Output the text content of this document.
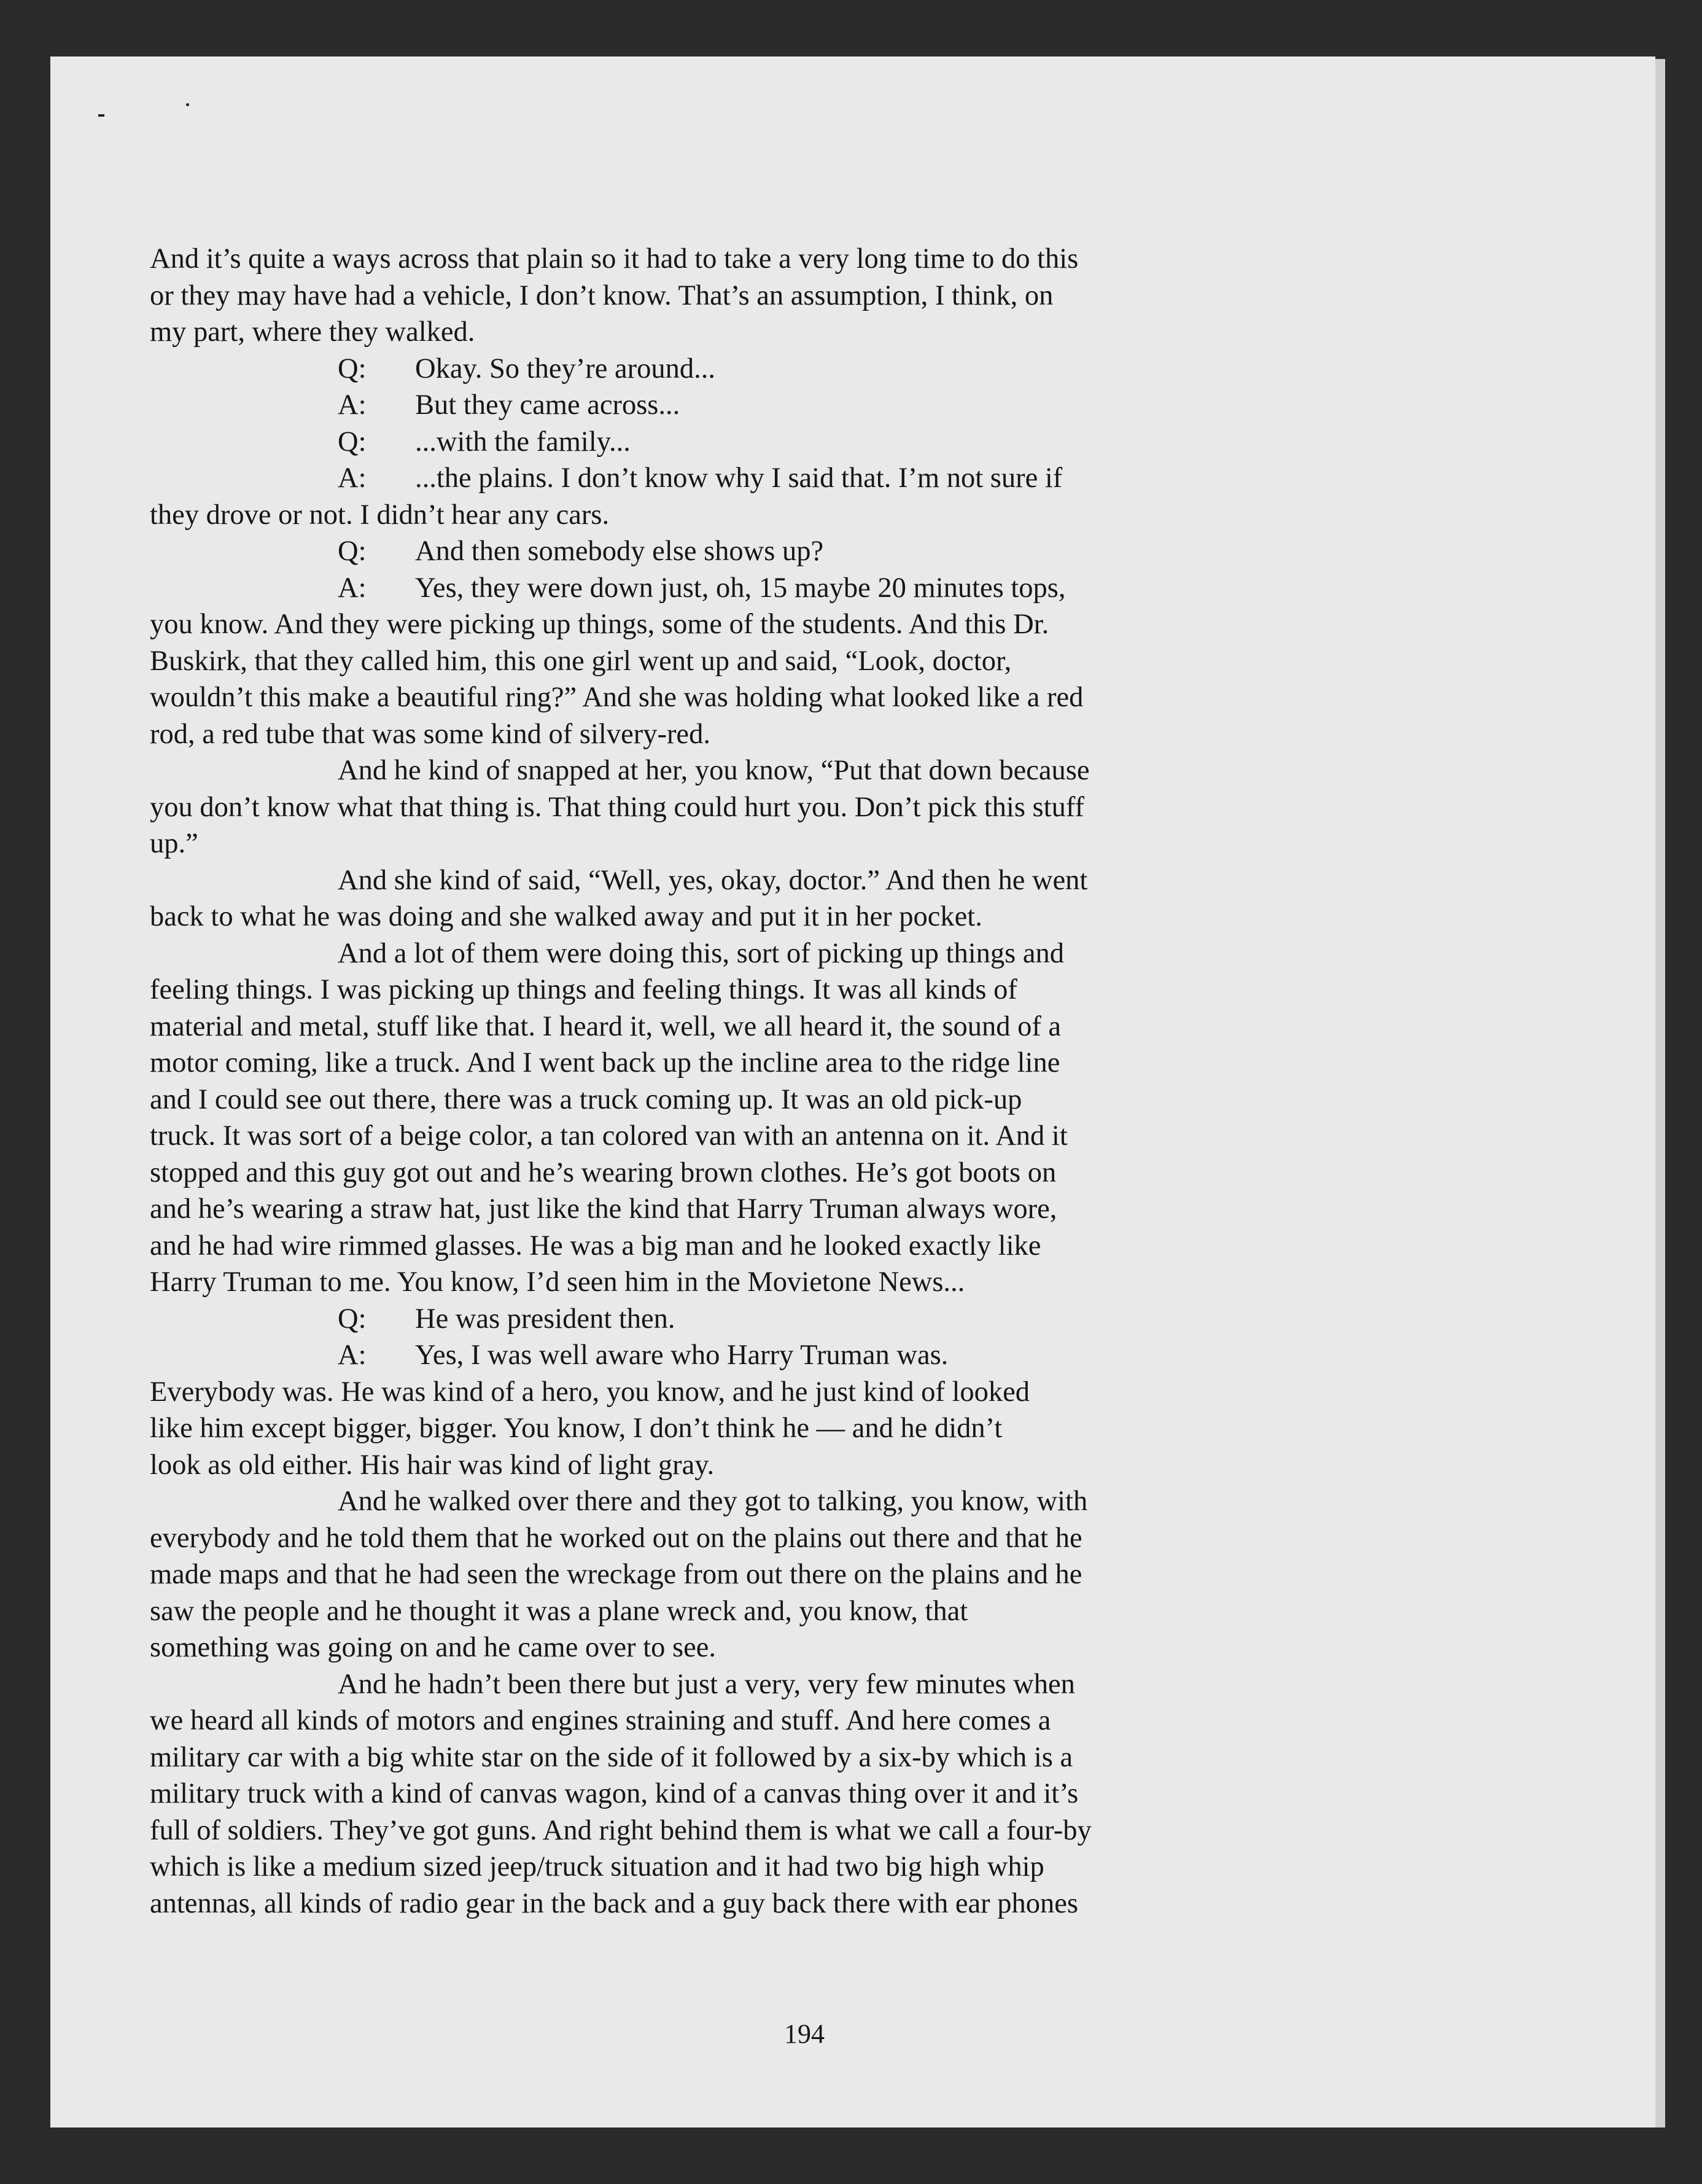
And it’s quite a ways across that plain so it had to take a very long time to do this
or they may have had a vehicle, I don’t know. That’s an assumption, I think, on
my part, where they walked.
Q: Okay. So they’re around...
A: But they came across...
Q: ...with the family...
A: ...the plains. I don’t know why I said that. I’m not sure if
they drove or not. I didn’t hear any cars.
Q: And then somebody else shows up?
A: Yes, they were down just, oh, 15 maybe 20 minutes tops,
you know. And they were picking up things, some of the students. And this Dr.
Buskirk, that they called him, this one girl went up and said, “Look, doctor,
wouldn’t this make a beautiful ring?” And she was holding what looked like a red
rod, a red tube that was some kind of silvery-red.
And he kind of snapped at her, you know, “Put that down because
you don’t know what that thing is. That thing could hurt you. Don’t pick this stuff
up.”
And she kind of said, “Well, yes, okay, doctor.” And then he went
back to what he was doing and she walked away and put it in her pocket.
And a lot of them were doing this, sort of picking up things and
feeling things. I was picking up things and feeling things. It was all kinds of
material and metal, stuff like that. I heard it, well, we all heard it, the sound of a
motor coming, like a truck. And I went back up the incline area to the ridge line
and I could see out there, there was a truck coming up. It was an old pick-up
truck. It was sort of a beige color, a tan colored van with an antenna on it. And it
stopped and this guy got out and he’s wearing brown clothes. He’s got boots on
and he’s wearing a straw hat, just like the kind that Harry Truman always wore,
and he had wire rimmed glasses. He was a big man and he looked exactly like
Harry Truman to me. You know, I’d seen him in the Movietone News...
Q: He was president then.
A: Yes, I was well aware who Harry Truman was.
Everybody was. He was kind of a hero, you know, and he just kind of looked
like him except bigger, bigger. You know, I don’t think he — and he didn’t
look as old either. His hair was kind of light gray.
And he walked over there and they got to talking, you know, with
everybody and he told them that he worked out on the plains out there and that he
made maps and that he had seen the wreckage from out there on the plains and he
saw the people and he thought it was a plane wreck and, you know, that
something was going on and he came over to see.
And he hadn’t been there but just a very, very few minutes when
we heard all kinds of motors and engines straining and stuff. And here comes a
military car with a big white star on the side of it followed by a six-by which is a
military truck with a kind of canvas wagon, kind of a canvas thing over it and it’s
full of soldiers. They’ve got guns. And right behind them is what we call a four-by
which is like a medium sized jeep/truck situation and it had two big high whip
antennas, all kinds of radio gear in the back and a guy back there with ear phones
194
